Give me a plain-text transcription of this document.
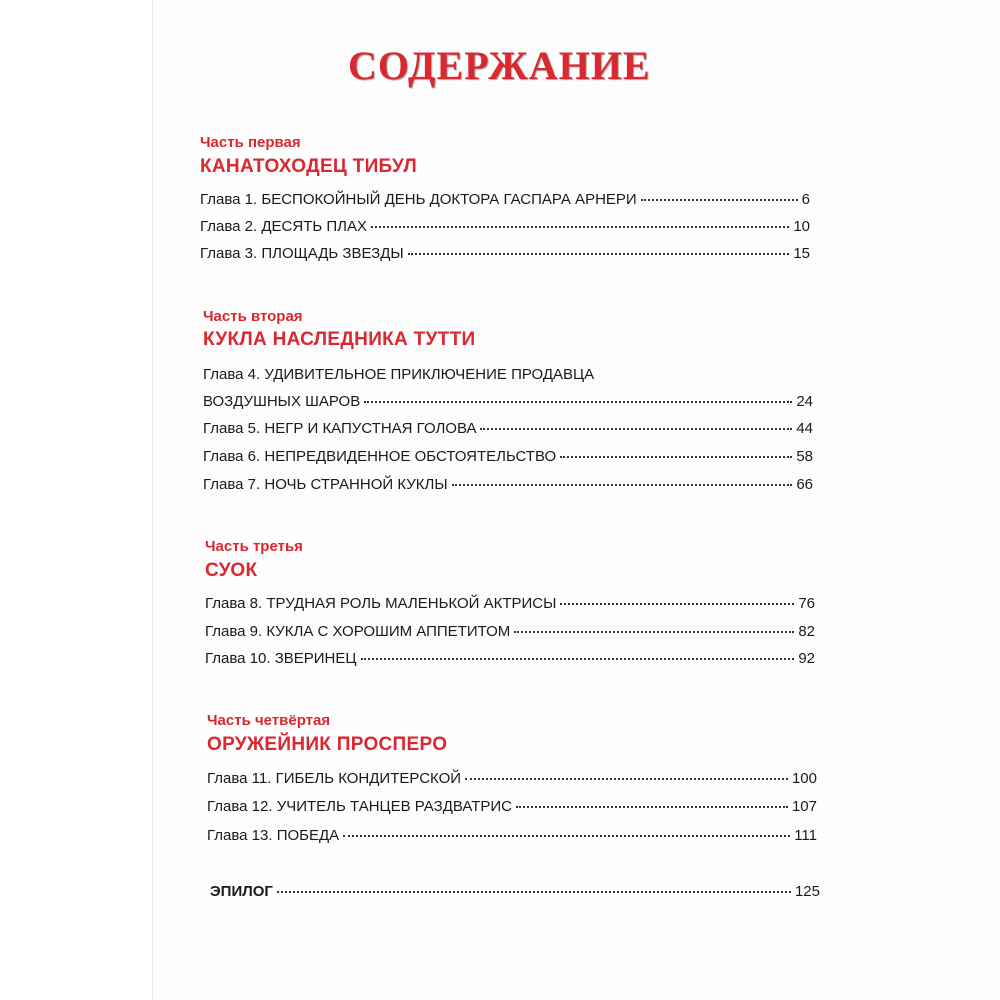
СОДЕРЖАНИЕ
Часть первая
КАНАТОХОДЕЦ ТИБУЛ
Глава 1. БЕСПОКОЙНЫЙ ДЕНЬ ДОКТОРА ГАСПАРА АРНЕРИ	6
Глава 2. ДЕСЯТЬ ПЛАХ	10
Глава 3. ПЛОЩАДЬ ЗВЕЗДЫ	15
Часть вторая
КУКЛА НАСЛЕДНИКА ТУТТИ
Глава 4. УДИВИТЕЛЬНОЕ ПРИКЛЮЧЕНИЕ ПРОДАВЦА
ВОЗДУШНЫХ ШАРОВ	24
Глава 5. НЕГР И КАПУСТНАЯ ГОЛОВА	44
Глава 6. НЕПРЕДВИДЕННОЕ ОБСТОЯТЕЛЬСТВО	58
Глава 7. НОЧЬ СТРАННОЙ КУКЛЫ	66
Часть третья
СУОК
Глава 8. ТРУДНАЯ РОЛЬ МАЛЕНЬКОЙ АКТРИСЫ	76
Глава 9. КУКЛА С ХОРОШИМ АППЕТИТОМ	82
Глава 10. ЗВЕРИНЕЦ	92
Часть четвёртая
ОРУЖЕЙНИК ПРОСПЕРО
Глава 11. ГИБЕЛЬ КОНДИТЕРСКОЙ	100
Глава 12. УЧИТЕЛЬ ТАНЦЕВ РАЗДВАТРИС	107
Глава 13. ПОБЕДА	111
ЭПИЛОГ	125
